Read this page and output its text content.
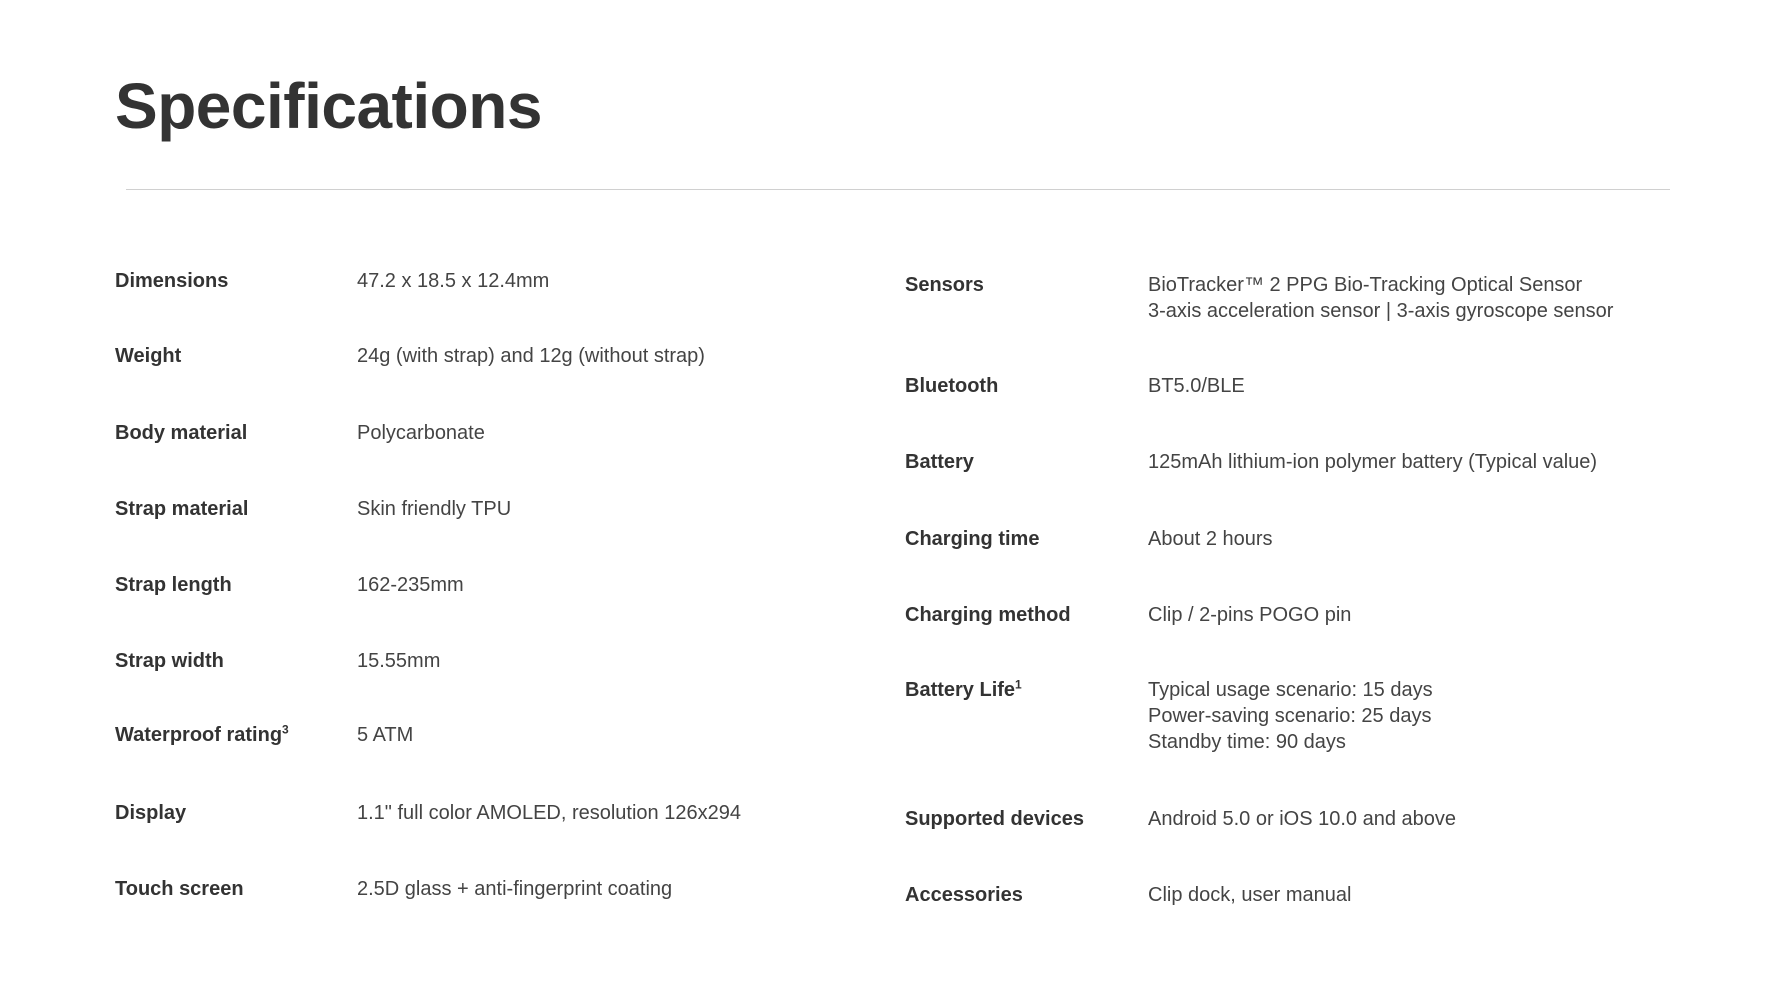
Specifications
Dimensions	47.2 x 18.5 x 12.4mm
Weight	24g (with strap) and 12g (without strap)
Body material	Polycarbonate
Strap material	Skin friendly TPU
Strap length	162-235mm
Strap width	15.55mm
Waterproof rating$^3$	5 ATM
Display	1.1" full color AMOLED, resolution 126x294
Touch screen	2.5D glass + anti-fingerprint coating
Sensors	BioTracker™ 2 PPG Bio-Tracking Optical Sensor
3-axis acceleration sensor | 3-axis gyroscope sensor
Bluetooth	BT5.0/BLE
Battery	125mAh lithium-ion polymer battery (Typical value)
Charging time	About 2 hours
Charging method	Clip / 2-pins POGO pin
Battery Life$^1$	Typical usage scenario: 15 days
Power-saving scenario: 25 days
Standby time: 90 days
Supported devices	Android 5.0 or iOS 10.0 and above
Accessories	Clip dock, user manual
